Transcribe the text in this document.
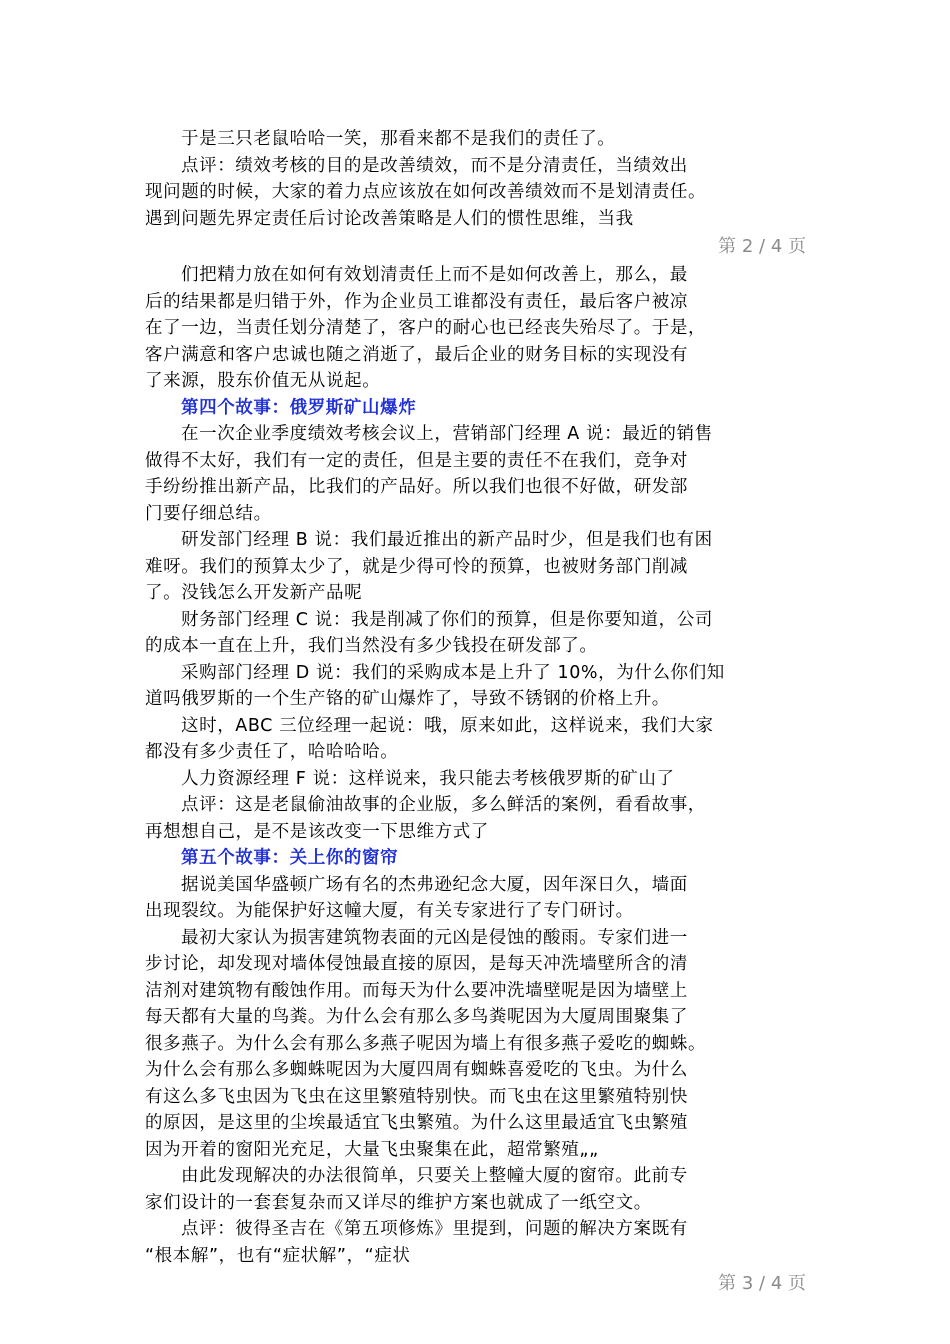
于是三只老鼠哈哈一笑，那看来都不是我们的责任了。
点评：绩效考核的目的是改善绩效，而不是分清责任，当绩效出
现问题的时候，大家的着力点应该放在如何改善绩效而不是划清责任。
遇到问题先界定责任后讨论改善策略是人们的惯性思维，当我
第 2 / 4 页
们把精力放在如何有效划清责任上而不是如何改善上，那么，最
后的结果都是归错于外，作为企业员工谁都没有责任，最后客户被凉
在了一边，当责任划分清楚了，客户的耐心也已经丧失殆尽了。于是，
客户满意和客户忠诚也随之消逝了，最后企业的财务目标的实现没有
了来源，股东价值无从说起。
第四个故事：俄罗斯矿山爆炸
在一次企业季度绩效考核会议上，营销部门经理 A 说：最近的销售
做得不太好，我们有一定的责任，但是主要的责任不在我们，竞争对
手纷纷推出新产品，比我们的产品好。所以我们也很不好做，研发部
门要仔细总结。
研发部门经理 B 说：我们最近推出的新产品时少，但是我们也有困
难呀。我们的预算太少了，就是少得可怜的预算，也被财务部门削减
了。没钱怎么开发新产品呢
财务部门经理 C 说：我是削减了你们的预算，但是你要知道，公司
的成本一直在上升，我们当然没有多少钱投在研发部了。
采购部门经理 D 说：我们的采购成本是上升了 10%，为什么你们知
道吗俄罗斯的一个生产铬的矿山爆炸了，导致不锈钢的价格上升。
这时，ABC 三位经理一起说：哦，原来如此，这样说来，我们大家
都没有多少责任了，哈哈哈哈。
人力资源经理 F 说：这样说来，我只能去考核俄罗斯的矿山了
点评：这是老鼠偷油故事的企业版，多么鲜活的案例，看看故事，
再想想自己，是不是该改变一下思维方式了
第五个故事：关上你的窗帘
据说美国华盛顿广场有名的杰弗逊纪念大厦，因年深日久，墙面
出现裂纹。为能保护好这幢大厦，有关专家进行了专门研讨。
最初大家认为损害建筑物表面的元凶是侵蚀的酸雨。专家们进一
步讨论，却发现对墙体侵蚀最直接的原因，是每天冲洗墙壁所含的清
洁剂对建筑物有酸蚀作用。而每天为什么要冲洗墙壁呢是因为墙壁上
每天都有大量的鸟粪。为什么会有那么多鸟粪呢因为大厦周围聚集了
很多燕子。为什么会有那么多燕子呢因为墙上有很多燕子爱吃的蜘蛛。
为什么会有那么多蜘蛛呢因为大厦四周有蜘蛛喜爱吃的飞虫。为什么
有这么多飞虫因为飞虫在这里繁殖特别快。而飞虫在这里繁殖特别快
的原因，是这里的尘埃最适宜飞虫繁殖。为什么这里最适宜飞虫繁殖
因为开着的窗阳光充足，大量飞虫聚集在此，超常繁殖„„
由此发现解决的办法很简单，只要关上整幢大厦的窗帘。此前专
家们设计的一套套复杂而又详尽的维护方案也就成了一纸空文。
点评：彼得圣吉在《第五项修炼》里提到，问题的解决方案既有
“根本解”，也有“症状解”，“症状
第 3 / 4 页
